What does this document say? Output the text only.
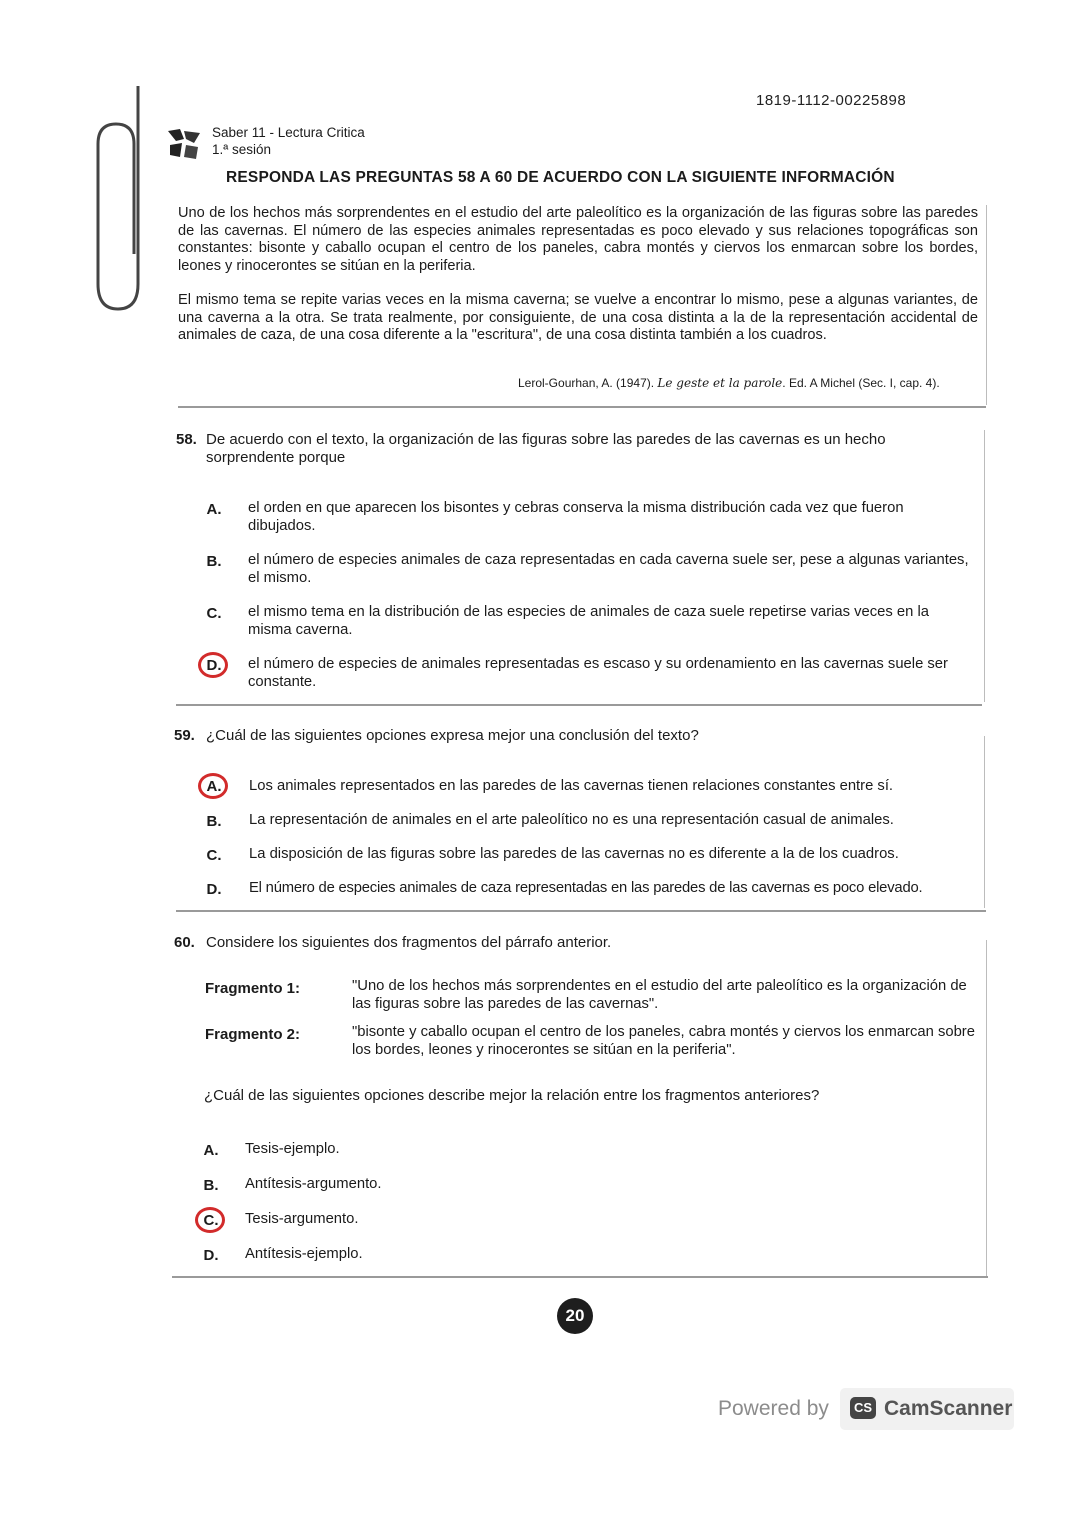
1819-1112-00225898
Saber 11 - Lectura Critica
1.ª sesión
RESPONDA LAS PREGUNTAS 58 A 60 DE ACUERDO CON LA SIGUIENTE INFORMACIÓN
Uno de los hechos más sorprendentes en el estudio del arte paleolítico es la organización de las figuras sobre las paredes de las cavernas. El número de las especies animales representadas es poco elevado y sus relaciones topográficas son constantes: bisonte y caballo ocupan el centro de los paneles, cabra montés y ciervos los enmarcan sobre los bordes, leones y rinocerontes se sitúan en la periferia.
El mismo tema se repite varias veces en la misma caverna; se vuelve a encontrar lo mismo, pese a algunas variantes, de una caverna a la otra. Se trata realmente, por consiguiente, de una cosa distinta a la de la representación accidental de animales de caza, de una cosa diferente a la "escritura", de una cosa distinta también a los cuadros.
Lerol-Gourhan, A. (1947). Le geste et la parole. Ed. A Michel (Sec. I, cap. 4).
58. De acuerdo con el texto, la organización de las figuras sobre las paredes de las cavernas es un hecho sorprendente porque
A. el orden en que aparecen los bisontes y cebras conserva la misma distribución cada vez que fueron dibujados.
B. el número de especies animales de caza representadas en cada caverna suele ser, pese a algunas variantes, el mismo.
C. el mismo tema en la distribución de las especies de animales de caza suele repetirse varias veces en la misma caverna.
D. el número de especies de animales representadas es escaso y su ordenamiento en las cavernas suele ser constante.
59. ¿Cuál de las siguientes opciones expresa mejor una conclusión del texto?
A. Los animales representados en las paredes de las cavernas tienen relaciones constantes entre sí.
B. La representación de animales en el arte paleolítico no es una representación casual de animales.
C. La disposición de las figuras sobre las paredes de las cavernas no es diferente a la de los cuadros.
D. El número de especies animales de caza representadas en las paredes de las cavernas es poco elevado.
60. Considere los siguientes dos fragmentos del párrafo anterior.
Fragmento 1:	"Uno de los hechos más sorprendentes en el estudio del arte paleolítico es la organización de las figuras sobre las paredes de las cavernas".
Fragmento 2:	"bisonte y caballo ocupan el centro de los paneles, cabra montés y ciervos los enmarcan sobre los bordes, leones y rinocerontes se sitúan en la periferia".
¿Cuál de las siguientes opciones describe mejor la relación entre los fragmentos anteriores?
A. Tesis-ejemplo.
B. Antítesis-argumento.
C. Tesis-argumento.
D. Antítesis-ejemplo.
20
Powered by	CS CamScanner
